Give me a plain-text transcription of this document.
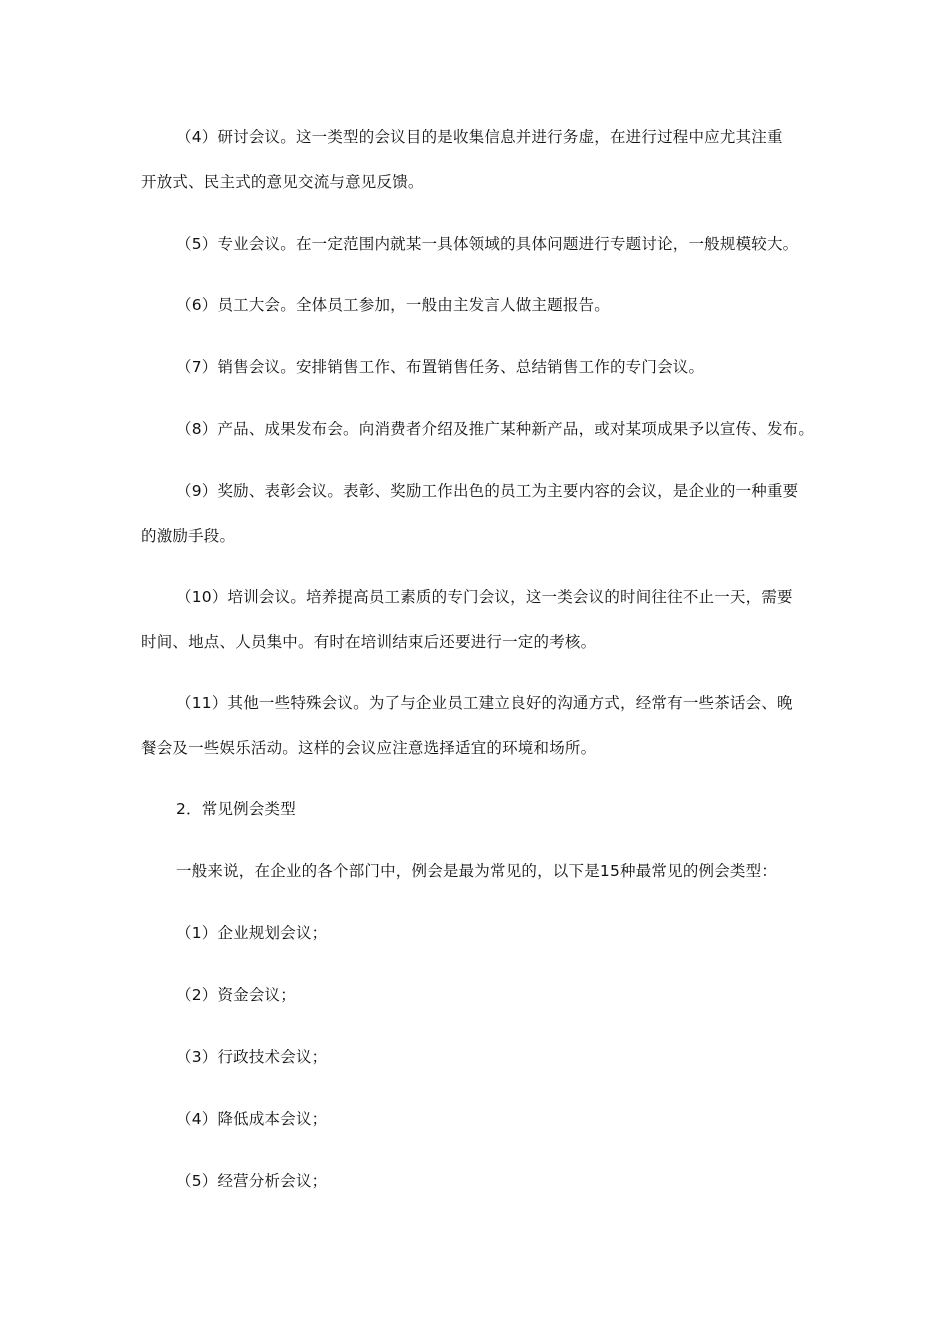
（4）研讨会议。这一类型的会议目的是收集信息并进行务虚，在进行过程中应尤其注重
开放式、民主式的意见交流与意见反馈。
（5）专业会议。在一定范围内就某一具体领域的具体问题进行专题讨论，一般规模较大。
（6）员工大会。全体员工参加，一般由主发言人做主题报告。
（7）销售会议。安排销售工作、布置销售任务、总结销售工作的专门会议。
（8）产品、成果发布会。向消费者介绍及推广某种新产品，或对某项成果予以宣传、发布。
（9）奖励、表彰会议。表彰、奖励工作出色的员工为主要内容的会议，是企业的一种重要
的激励手段。
（10）培训会议。培养提高员工素质的专门会议，这一类会议的时间往往不止一天，需要
时间、地点、人员集中。有时在培训结束后还要进行一定的考核。
（11）其他一些特殊会议。为了与企业员工建立良好的沟通方式，经常有一些茶话会、晚
餐会及一些娱乐活动。这样的会议应注意选择适宜的环境和场所。
2．常见例会类型
一般来说，在企业的各个部门中，例会是最为常见的，以下是15种最常见的例会类型：
（1）企业规划会议；
（2）资金会议；
（3）行政技术会议；
（4）降低成本会议；
（5）经营分析会议；
